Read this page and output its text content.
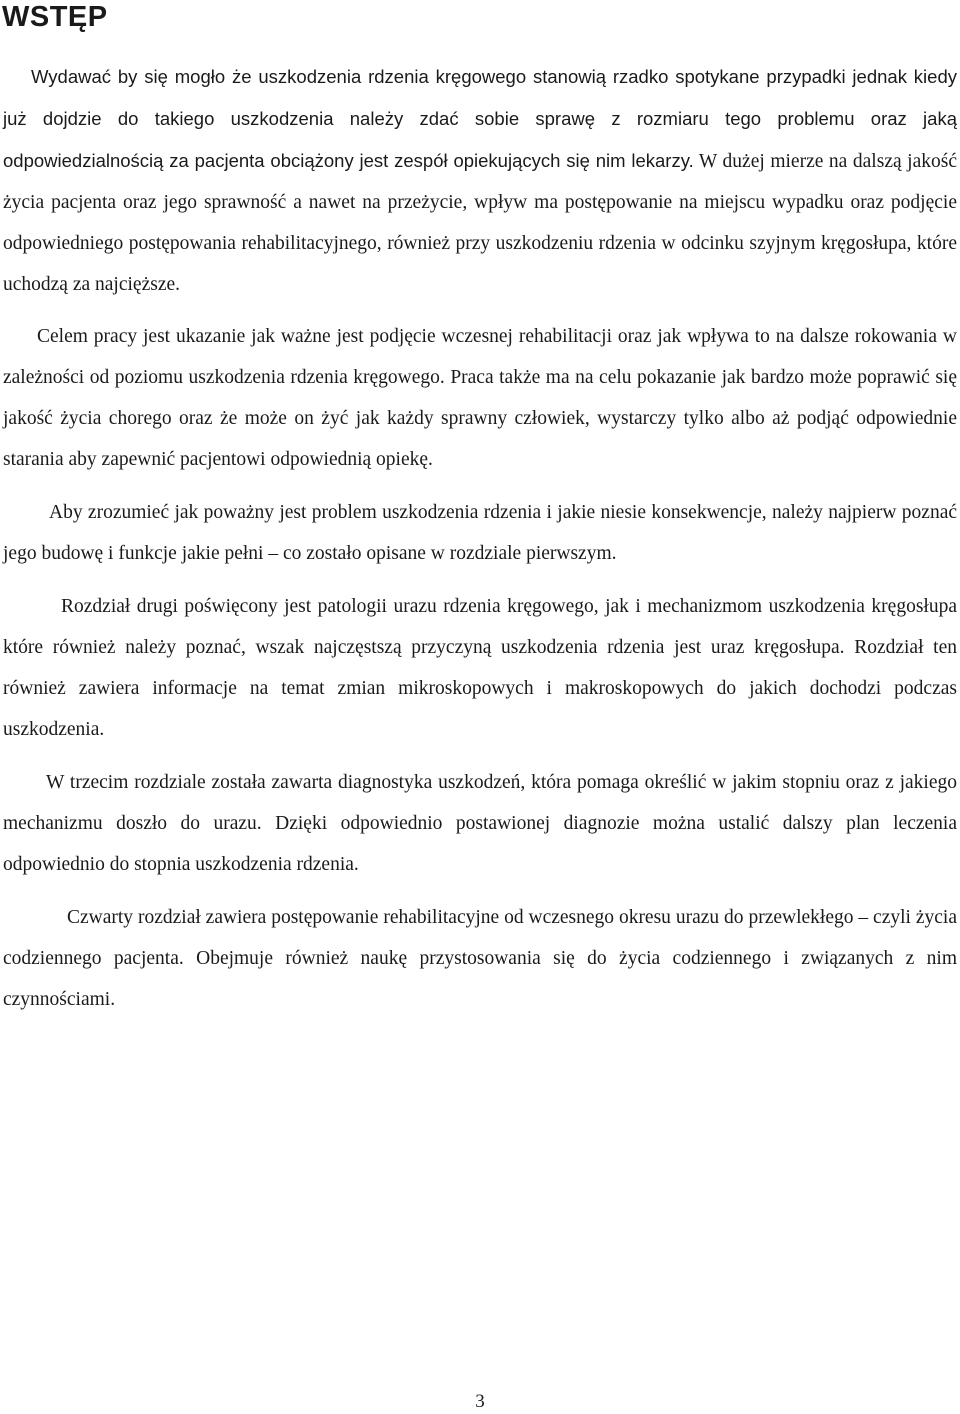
WSTĘP

Wydawać by się mogło że uszkodzenia rdzenia kręgowego stanowią rzadko spotykane przypadki jednak kiedy już dojdzie do takiego uszkodzenia należy zdać sobie sprawę z rozmiaru tego problemu oraz jaką odpowiedzialnością za pacjenta obciążony jest zespół opiekujących się nim lekarzy. W dużej mierze na dalszą jakość życia pacjenta oraz jego sprawność a nawet na przeżycie, wpływ ma postępowanie na miejscu wypadku oraz podjęcie odpowiedniego postępowania rehabilitacyjnego, również przy uszkodzeniu rdzenia w odcinku szyjnym kręgosłupa, które uchodzą za najcięższe.

Celem pracy jest ukazanie jak ważne jest podjęcie wczesnej rehabilitacji oraz jak wpływa to na dalsze rokowania w zależności od poziomu uszkodzenia rdzenia kręgowego. Praca także ma na celu pokazanie jak bardzo może poprawić się jakość życia chorego oraz że może on żyć jak każdy sprawny człowiek, wystarczy tylko albo aż podjąć odpowiednie starania aby zapewnić pacjentowi odpowiednią opiekę.

Aby zrozumieć jak poważny jest problem uszkodzenia rdzenia i jakie niesie konsekwencje, należy najpierw poznać jego budowę i funkcje jakie pełni – co zostało opisane w rozdziale pierwszym.

Rozdział drugi poświęcony jest patologii urazu rdzenia kręgowego, jak i mechanizmom uszkodzenia kręgosłupa które również należy poznać, wszak najczęstszą przyczyną uszkodzenia rdzenia jest uraz kręgosłupa. Rozdział ten również zawiera informacje na temat zmian mikroskopowych i makroskopowych do jakich dochodzi podczas uszkodzenia.

W trzecim rozdziale została zawarta diagnostyka uszkodzeń, która pomaga określić w jakim stopniu oraz z jakiego mechanizmu doszło do urazu. Dzięki odpowiednio postawionej diagnozie można ustalić dalszy plan leczenia odpowiednio do stopnia uszkodzenia rdzenia.

Czwarty rozdział zawiera postępowanie rehabilitacyjne od wczesnego okresu urazu do przewlekłego – czyli życia codziennego pacjenta. Obejmuje również naukę przystosowania się do życia codziennego i związanych z nim czynnościami.

3
